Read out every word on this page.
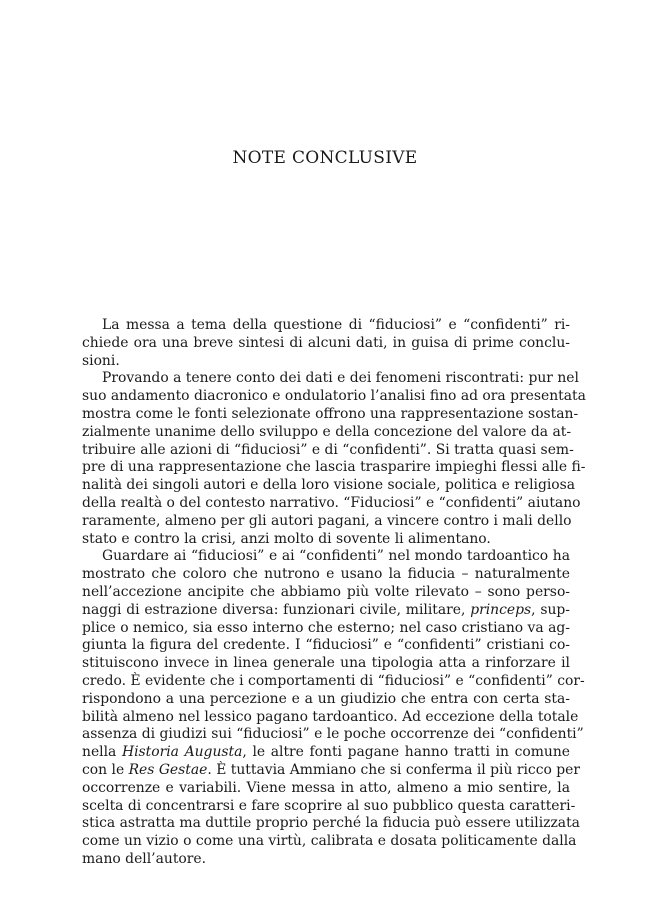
NOTE CONCLUSIVE
La messa a tema della questione di “fiduciosi” e “confidenti” ri-
chiede ora una breve sintesi di alcuni dati, in guisa di prime conclu-
sioni.
Provando a tenere conto dei dati e dei fenomeni riscontrati: pur nel
suo andamento diacronico e ondulatorio l’analisi fino ad ora presentata
mostra come le fonti selezionate offrono una rappresentazione sostan-
zialmente unanime dello sviluppo e della concezione del valore da at-
tribuire alle azioni di “fiduciosi” e di “confidenti”. Si tratta quasi sem-
pre di una rappresentazione che lascia trasparire impieghi flessi alle fi-
nalità dei singoli autori e della loro visione sociale, politica e religiosa
della realtà o del contesto narrativo. “Fiduciosi” e “confidenti” aiutano
raramente, almeno per gli autori pagani, a vincere contro i mali dello
stato e contro la crisi, anzi molto di sovente li alimentano.
Guardare ai “fiduciosi” e ai “confidenti” nel mondo tardoantico ha
mostrato che coloro che nutrono e usano la fiducia – naturalmente
nell’accezione ancipite che abbiamo più volte rilevato – sono perso-
naggi di estrazione diversa: funzionari civile, militare, princeps, sup-
plice o nemico, sia esso interno che esterno; nel caso cristiano va ag-
giunta la figura del credente. I “fiduciosi” e “confidenti” cristiani co-
stituiscono invece in linea generale una tipologia atta a rinforzare il
credo. È evidente che i comportamenti di “fiduciosi” e “confidenti” cor-
rispondono a una percezione e a un giudizio che entra con certa sta-
bilità almeno nel lessico pagano tardoantico. Ad eccezione della totale
assenza di giudizi sui “fiduciosi” e le poche occorrenze dei “confidenti”
nella Historia Augusta, le altre fonti pagane hanno tratti in comune
con le Res Gestae. È tuttavia Ammiano che si conferma il più ricco per
occorrenze e variabili. Viene messa in atto, almeno a mio sentire, la
scelta di concentrarsi e fare scoprire al suo pubblico questa caratteri-
stica astratta ma duttile proprio perché la fiducia può essere utilizzata
come un vizio o come una virtù, calibrata e dosata politicamente dalla
mano dell’autore.
